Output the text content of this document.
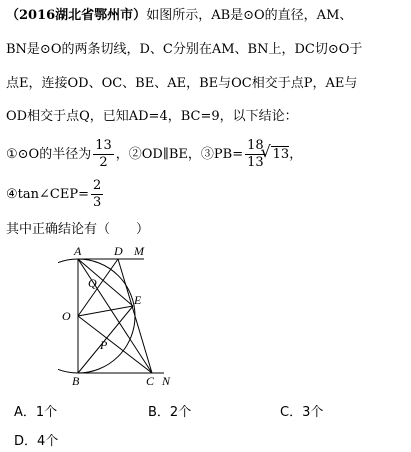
（2016湖北省鄂州市）如图所示，AB是⊙O的直径，AM、
BN是⊙O的两条切线，D、C分别在AM、BN上，DC切⊙O于
点E，连接OD、OC、BE、AE，BE与OC相交于点P，AE与
OD相交于点Q，已知AD=4，BC=9，以下结论：
①⊙O的半径为 $\frac{13}{2}$ ，②OD∥BE，③PB= $\frac{18}{13}$
√ 13，
④tan∠CEP= $\frac{2}{3}$
其中正确结论有（　　）
A	D M
Q
O
E
P
B	C N
A．1个	B．2个	C．3个
D．4个
